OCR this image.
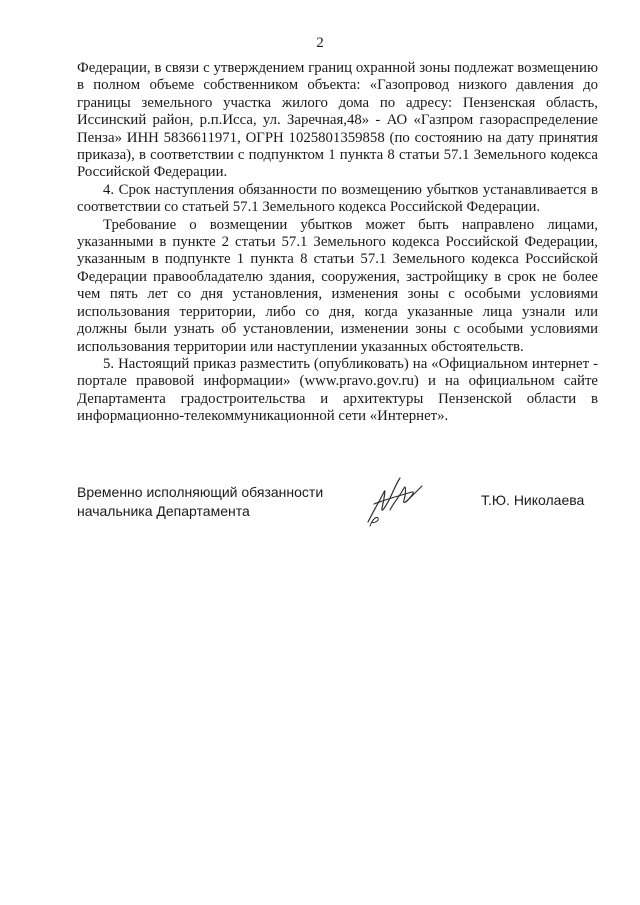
2

Федерации, в связи с утверждением границ охранной зоны подлежат возмещению в полном объеме собственником объекта: «Газопровод низкого давления до границы земельного участка жилого дома по адресу: Пензенская область, Иссинский район, р.п.Исса, ул. Заречная,48» - АО «Газпром газораспределение Пенза» ИНН 5836611971, ОГРН 1025801359858 (по состоянию на дату принятия приказа), в соответствии с подпунктом 1 пункта 8 статьи 57.1 Земельного кодекса Российской Федерации.

4. Срок наступления обязанности по возмещению убытков устанавливается в соответствии со статьей 57.1 Земельного кодекса Российской Федерации.

Требование о возмещении убытков может быть направлено лицами, указанными в пункте 2 статьи 57.1 Земельного кодекса Российской Федерации, указанным в подпункте 1 пункта 8 статьи 57.1 Земельного кодекса Российской Федерации правообладателю здания, сооружения, застройщику в срок не более чем пять лет со дня установления, изменения зоны с особыми условиями использования территории, либо со дня, когда указанные лица узнали или должны были узнать об установлении, изменении зоны с особыми условиями использования территории или наступлении указанных обстоятельств.

5. Настоящий приказ разместить (опубликовать) на «Официальном интернет - портале правовой информации» (www.pravo.gov.ru) и на официальном сайте Департамента градостроительства и архитектуры Пензенской области в информационно-телекоммуникационной сети «Интернет».

Временно исполняющий обязанности
начальника Департамента
Т.Ю. Николаева
